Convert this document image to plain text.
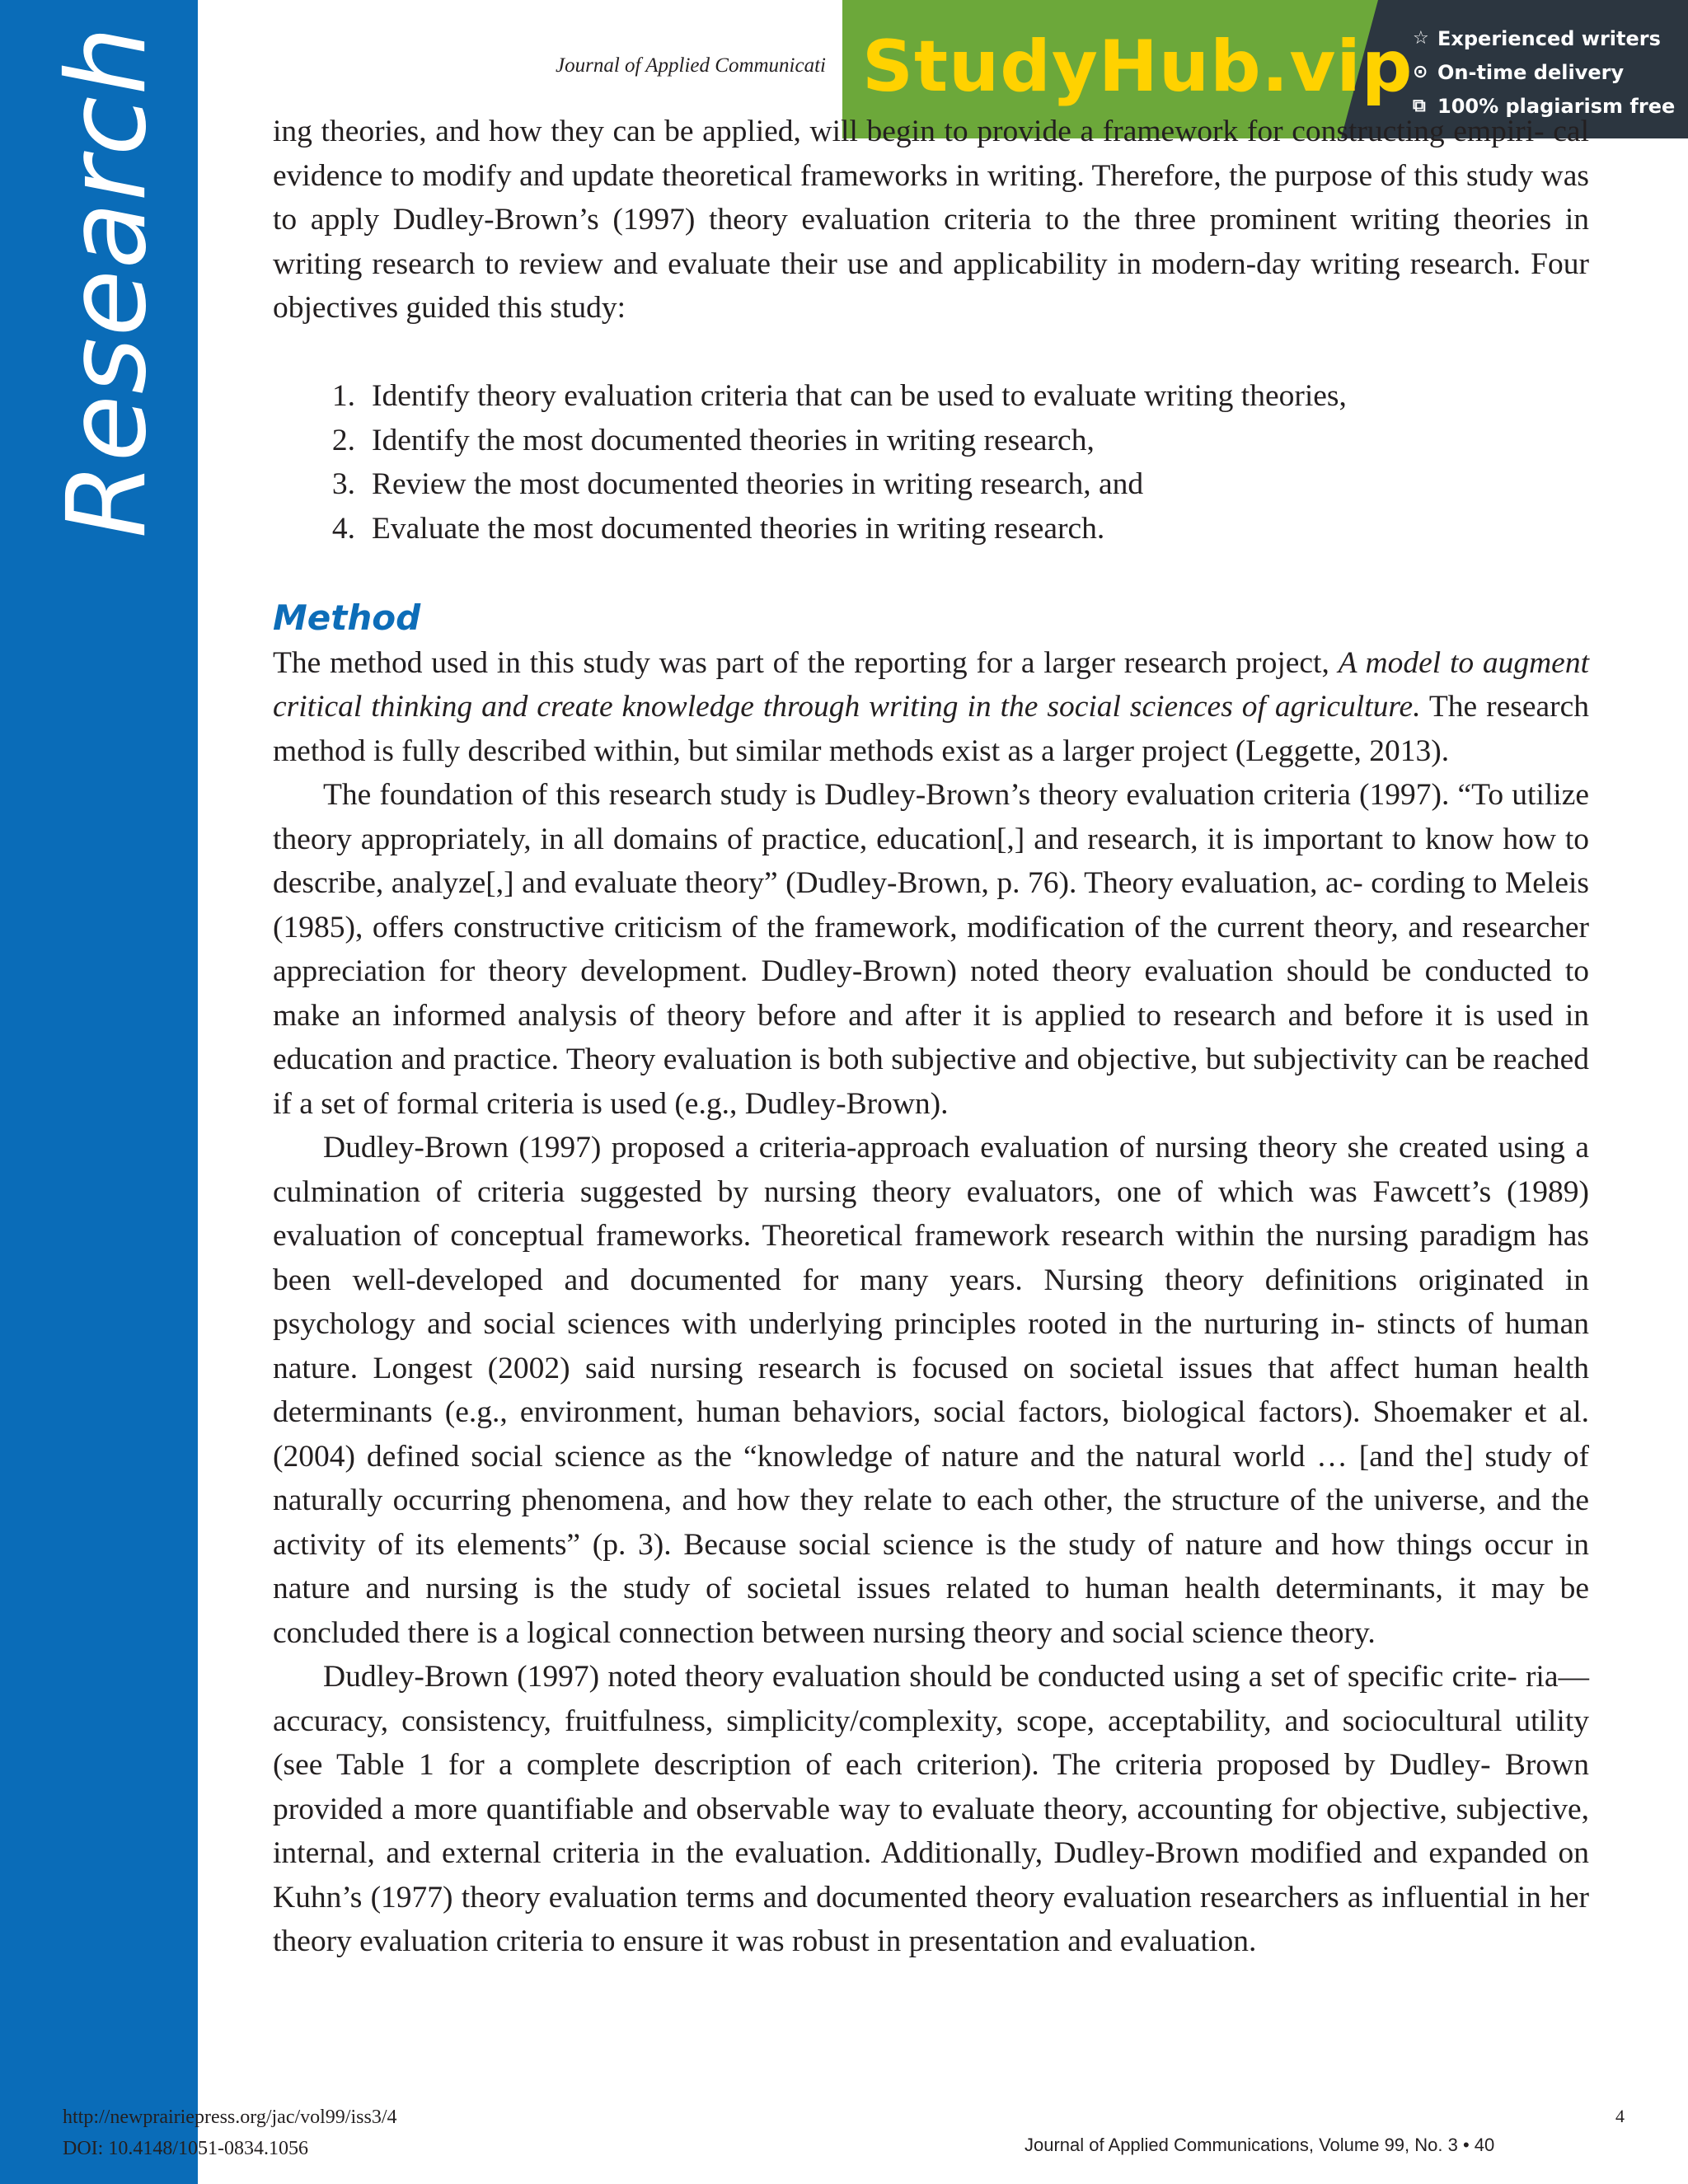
Research	Journal of Applied Communicati StudyHub.vip ☆ Experienced writers
⊙ On-time delivery
⧉ 100% plagiarism free

ing theories, and how they can be applied, will begin to provide a framework for constructing empiri- cal evidence to modify and update theoretical frameworks in writing. Therefore, the purpose of this study was to apply Dudley-Brown’s (1997) theory evaluation criteria to the three prominent writing theories in writing research to review and evaluate their use and applicability in modern-day writing research. Four objectives guided this study:

1. Identify theory evaluation criteria that can be used to evaluate writing theories,
2. Identify the most documented theories in writing research,
3. Review the most documented theories in writing research, and
4. Evaluate the most documented theories in writing research.
Method

The method used in this study was part of the reporting for a larger research project, A model to augment critical thinking and create knowledge through writing in the social sciences of agriculture. The research method is fully described within, but similar methods exist as a larger project (Leggette, 2013).

The foundation of this research study is Dudley-Brown’s theory evaluation criteria (1997). “To utilize theory appropriately, in all domains of practice, education[,] and research, it is important to know how to describe, analyze[,] and evaluate theory” (Dudley-Brown, p. 76). Theory evaluation, ac- cording to Meleis (1985), offers constructive criticism of the framework, modification of the current theory, and researcher appreciation for theory development. Dudley-Brown) noted theory evaluation should be conducted to make an informed analysis of theory before and after it is applied to research and before it is used in education and practice. Theory evaluation is both subjective and objective, but subjectivity can be reached if a set of formal criteria is used (e.g., Dudley-Brown).

Dudley-Brown (1997) proposed a criteria-approach evaluation of nursing theory she created using a culmination of criteria suggested by nursing theory evaluators, one of which was Fawcett’s (1989) evaluation of conceptual frameworks. Theoretical framework research within the nursing paradigm has been well-developed and documented for many years. Nursing theory definitions originated in psychology and social sciences with underlying principles rooted in the nurturing in- stincts of human nature. Longest (2002) said nursing research is focused on societal issues that affect human health determinants (e.g., environment, human behaviors, social factors, biological factors). Shoemaker et al. (2004) defined social science as the “knowledge of nature and the natural world … [and the] study of naturally occurring phenomena, and how they relate to each other, the structure of the universe, and the activity of its elements” (p. 3). Because social science is the study of nature and how things occur in nature and nursing is the study of societal issues related to human health determinants, it may be concluded there is a logical connection between nursing theory and social science theory.

Dudley-Brown (1997) noted theory evaluation should be conducted using a set of specific crite- ria—accuracy, consistency, fruitfulness, simplicity/complexity, scope, acceptability, and sociocultural utility (see Table 1 for a complete description of each criterion). The criteria proposed by Dudley- Brown provided a more quantifiable and observable way to evaluate theory, accounting for objective, subjective, internal, and external criteria in the evaluation. Additionally, Dudley-Brown modified and expanded on Kuhn’s (1977) theory evaluation terms and documented theory evaluation researchers as influential in her theory evaluation criteria to ensure it was robust in presentation and evaluation.

http://newprairiepress.org/jac/vol99/iss3/4
DOI: 10.4148/1051-0834.1056
4
Journal of Applied Communications, Volume 99, No. 3 • 40
